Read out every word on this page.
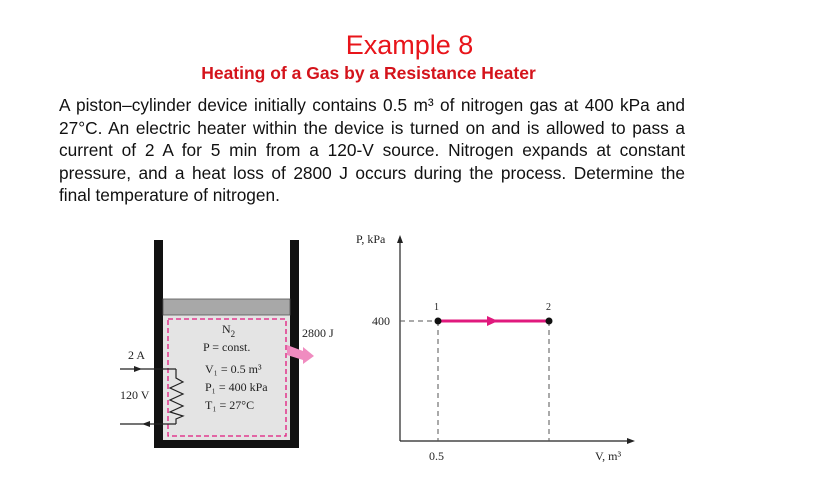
Example 8
Heating of a Gas by a Resistance Heater
A piston–cylinder device initially contains 0.5 m³ of nitrogen gas at 400 kPa and 27°C. An electric heater within the device is turned on and is allowed to pass a current of 2 A for 5 min from a 120-V source. Nitrogen expands at constant pressure, and a heat loss of 2800 J occurs during the process. Determine the final temperature of nitrogen.
2 A
120 V
2800 J
$N_2$
P = const.
V₁ = 0.5 m³
P₁ = 400 kPa
T₁ = 27°C
P, kPa
V, m³
400
0.5
1	2
